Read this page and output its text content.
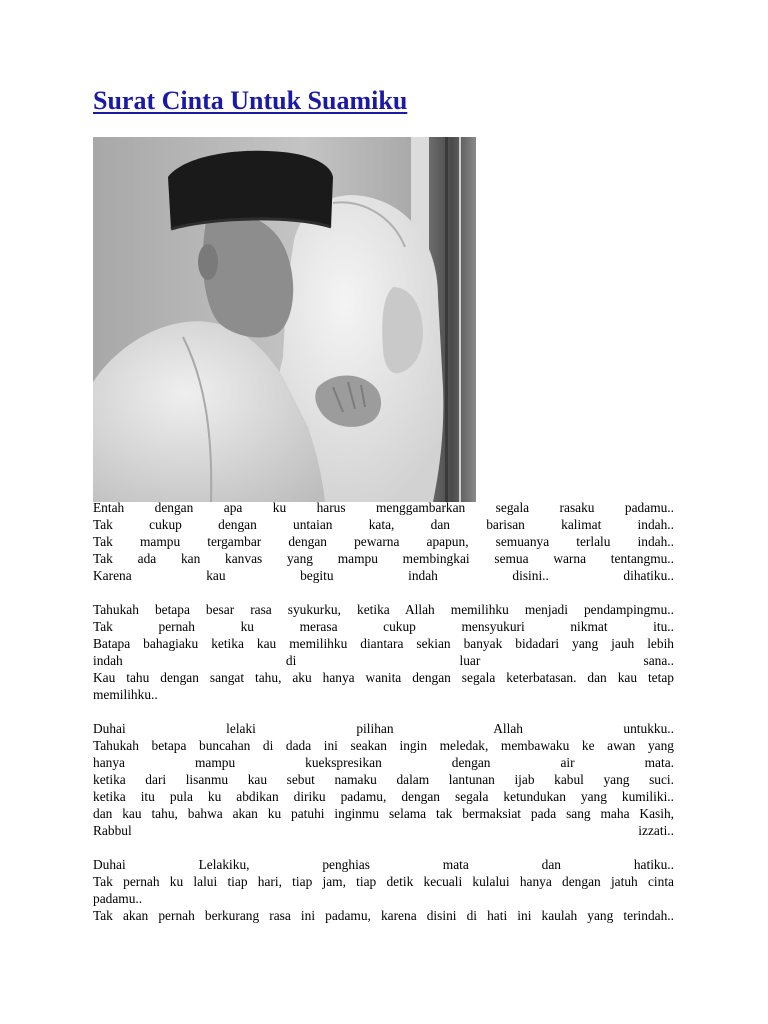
Surat Cinta Untuk Suamiku

Entah dengan apa ku harus menggambarkan segala rasaku padamu..
Tak cukup dengan untaian kata, dan barisan kalimat indah..
Tak mampu tergambar dengan pewarna apapun, semuanya terlalu indah..
Tak ada kan kanvas yang mampu membingkai semua warna tentangmu..
Karena kau begitu indah disini.. dihatiku..

Tahukah betapa besar rasa syukurku, ketika Allah memilihku menjadi pendampingmu..
Tak pernah ku merasa cukup mensyukuri nikmat itu..
Batapa bahagiaku ketika kau memilihku diantara sekian banyak bidadari yang jauh lebih
indah di luar sana..
Kau tahu dengan sangat tahu, aku hanya wanita dengan segala keterbatasan. dan kau tetap
memilihku..

Duhai lelaki pilihan Allah untukku..
Tahukah betapa buncahan di dada ini seakan ingin meledak, membawaku ke awan yang
hanya mampu kuekspresikan dengan air mata.
ketika dari lisanmu kau sebut namaku dalam lantunan ijab kabul yang suci.
ketika itu pula ku abdikan diriku padamu, dengan segala ketundukan yang kumiliki..
dan kau tahu, bahwa akan ku patuhi inginmu selama tak bermaksiat pada sang maha Kasih,
Rabbul izzati..

Duhai Lelakiku, penghias mata dan hatiku..
Tak pernah ku lalui tiap hari, tiap jam, tiap detik kecuali kulalui hanya dengan jatuh cinta
padamu..
Tak akan pernah berkurang rasa ini padamu, karena disini di hati ini kaulah yang terindah..
